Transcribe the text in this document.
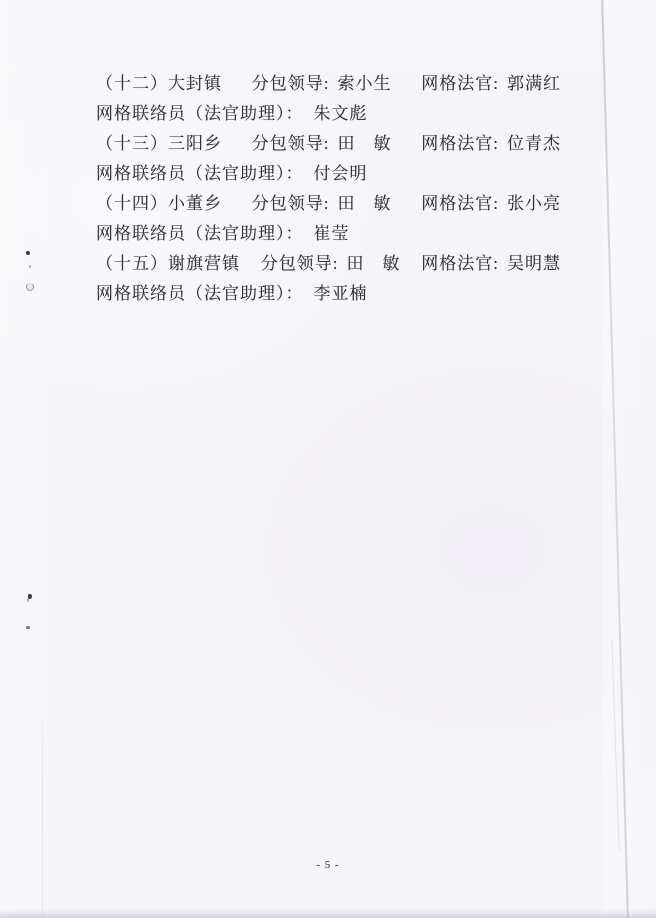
（十二）大封镇 分包领导: 索小生 网格法官: 郭满红
网格联络员（法官助理）： 朱文彪
（十三）三阳乡 分包领导: 田　敏 网格法官: 位青杰
网格联络员（法官助理）： 付会明
（十四）小董乡 分包领导: 田　敏 网格法官: 张小亮
网格联络员（法官助理）： 崔莹
（十五）谢旗营镇 分包领导: 田　敏 网格法官: 吴明慧
网格联络员（法官助理）： 李亚楠
- 5 -
